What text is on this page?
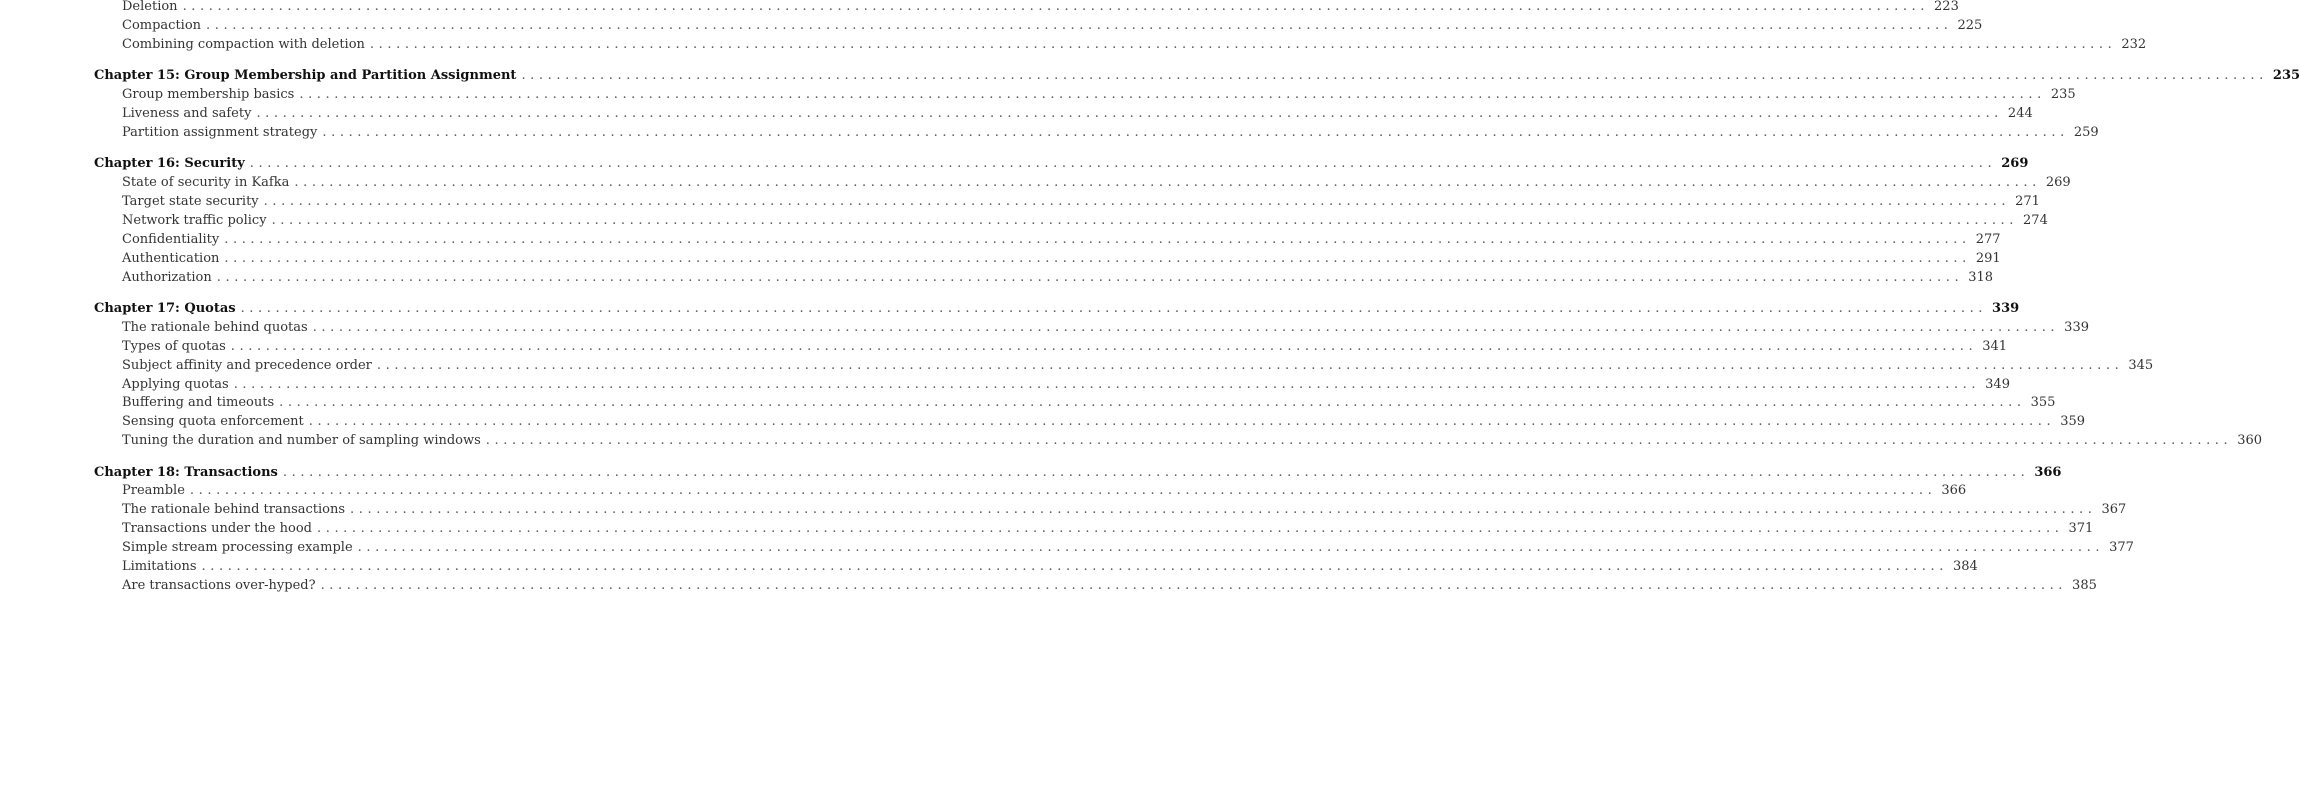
Deletion ........................................................................................................................................................................................................ 223
Compaction ........................................................................................................................................................................................................ 225
Combining compaction with deletion ........................................................................................................................................................................................................ 232
Chapter 15: Group Membership and Partition Assignment ........................................................................................................................................................................................................ 235
Group membership basics ........................................................................................................................................................................................................ 235
Liveness and safety ........................................................................................................................................................................................................ 244
Partition assignment strategy ........................................................................................................................................................................................................ 259
Chapter 16: Security ........................................................................................................................................................................................................ 269
State of security in Kafka ........................................................................................................................................................................................................ 269
Target state security ........................................................................................................................................................................................................ 271
Network traffic policy ........................................................................................................................................................................................................ 274
Confidentiality ........................................................................................................................................................................................................ 277
Authentication ........................................................................................................................................................................................................ 291
Authorization ........................................................................................................................................................................................................ 318
Chapter 17: Quotas ........................................................................................................................................................................................................ 339
The rationale behind quotas ........................................................................................................................................................................................................ 339
Types of quotas ........................................................................................................................................................................................................ 341
Subject affinity and precedence order ........................................................................................................................................................................................................ 345
Applying quotas ........................................................................................................................................................................................................ 349
Buffering and timeouts ........................................................................................................................................................................................................ 355
Sensing quota enforcement ........................................................................................................................................................................................................ 359
Tuning the duration and number of sampling windows ........................................................................................................................................................................................................ 360
Chapter 18: Transactions ........................................................................................................................................................................................................ 366
Preamble ........................................................................................................................................................................................................ 366
The rationale behind transactions ........................................................................................................................................................................................................ 367
Transactions under the hood ........................................................................................................................................................................................................ 371
Simple stream processing example ........................................................................................................................................................................................................ 377
Limitations ........................................................................................................................................................................................................ 384
Are transactions over-hyped? ........................................................................................................................................................................................................ 385
